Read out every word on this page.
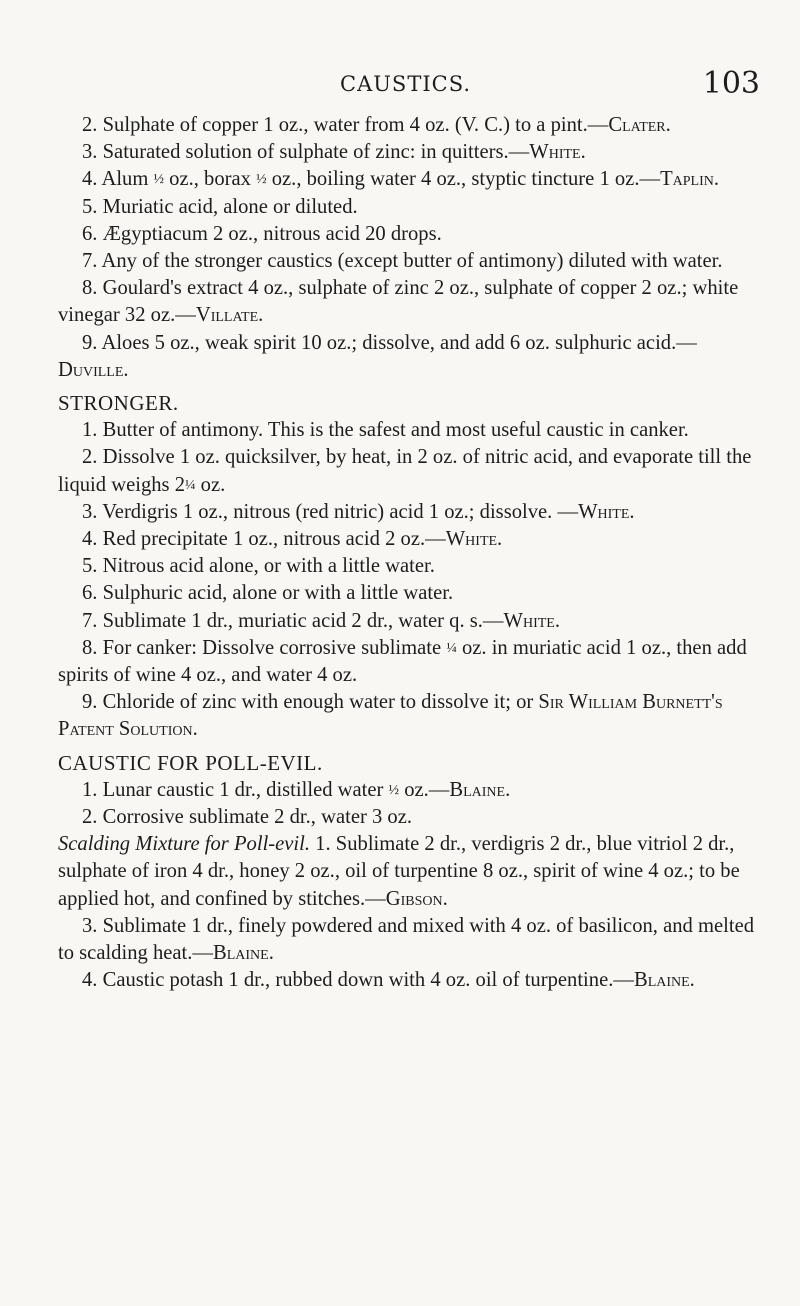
CAUSTICS.	103

2. Sulphate of copper 1 oz., water from 4 oz. (V. C.) to a pint.—Clater.

3. Saturated solution of sulphate of zinc: in quitters.—White.

4. Alum ½ oz., borax ½ oz., boiling water 4 oz., styptic tincture 1 oz.—Taplin.

5. Muriatic acid, alone or diluted.

6. Ægyptiacum 2 oz., nitrous acid 20 drops.

7. Any of the stronger caustics (except butter of antimony) diluted with water.

8. Goulard's extract 4 oz., sulphate of zinc 2 oz., sulphate of copper 2 oz.; white vinegar 32 oz.—Villate.

9. Aloes 5 oz., weak spirit 10 oz.; dissolve, and add 6 oz. sulphuric acid.—Duville.

STRONGER.

1. Butter of antimony. This is the safest and most useful caustic in canker.

2. Dissolve 1 oz. quicksilver, by heat, in 2 oz. of nitric acid, and evaporate till the liquid weighs 2¼ oz.

3. Verdigris 1 oz., nitrous (red nitric) acid 1 oz.; dissolve. —White.

4. Red precipitate 1 oz., nitrous acid 2 oz.—White.

5. Nitrous acid alone, or with a little water.

6. Sulphuric acid, alone or with a little water.

7. Sublimate 1 dr., muriatic acid 2 dr., water q. s.—White.

8. For canker: Dissolve corrosive sublimate ¼ oz. in muriatic acid 1 oz., then add spirits of wine 4 oz., and water 4 oz.

9. Chloride of zinc with enough water to dissolve it; or Sir William Burnett's Patent Solution.

CAUSTIC FOR POLL-EVIL.

1. Lunar caustic 1 dr., distilled water ½ oz.—Blaine.

2. Corrosive sublimate 2 dr., water 3 oz.

Scalding Mixture for Poll-evil. 1. Sublimate 2 dr., verdigris 2 dr., blue vitriol 2 dr., sulphate of iron 4 dr., honey 2 oz., oil of turpentine 8 oz., spirit of wine 4 oz.; to be applied hot, and confined by stitches.—Gibson.

3. Sublimate 1 dr., finely powdered and mixed with 4 oz. of basilicon, and melted to scalding heat.—Blaine.

4. Caustic potash 1 dr., rubbed down with 4 oz. oil of turpentine.—Blaine.
